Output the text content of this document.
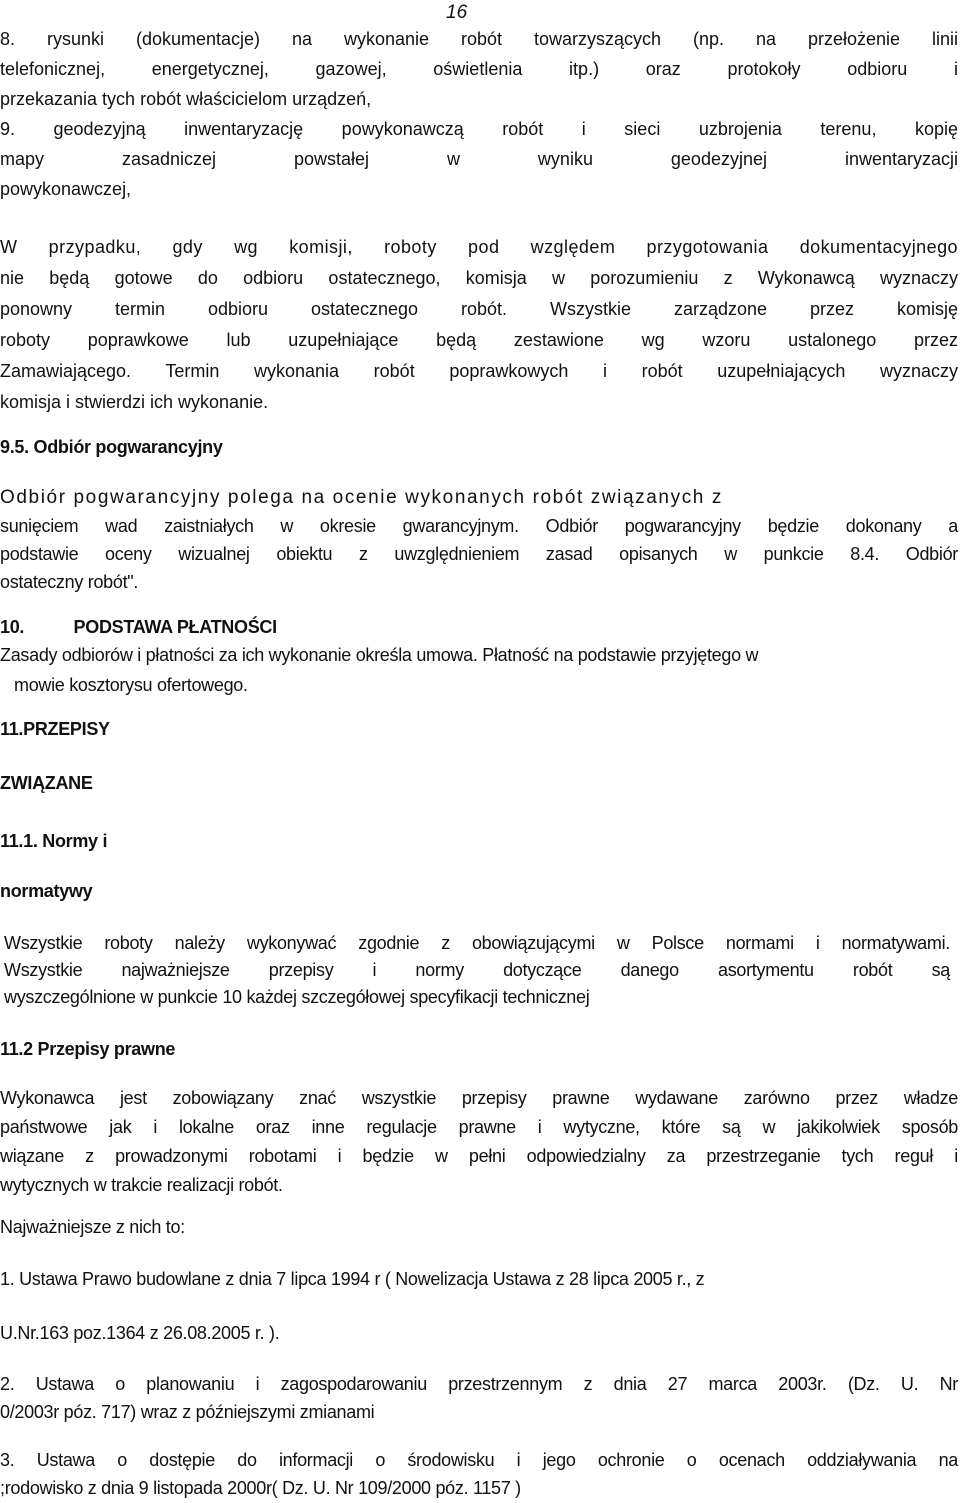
16

8. rysunki (dokumentacje) na wykonanie robót towarzyszących (np. na przełożenie linii

telefonicznej, energetycznej, gazowej, oświetlenia itp.) oraz protokoły odbioru i

przekazania tych robót właścicielom urządzeń,

9. geodezyjną inwentaryzację powykonawczą robót i sieci uzbrojenia terenu, kopię

mapy zasadniczej powstałej w wyniku geodezyjnej inwentaryzacji

powykonawczej,

W przypadku, gdy wg komisji, roboty pod względem przygotowania dokumentacyjnego

nie będą gotowe do odbioru ostatecznego, komisja w porozumieniu z Wykonawcą wyznaczy

ponowny termin odbioru ostatecznego robót. Wszystkie zarządzone przez komisję

roboty poprawkowe lub uzupełniające będą zestawione wg wzoru ustalonego przez

Zamawiającego. Termin wykonania robót poprawkowych i robót uzupełniających wyznaczy

komisja i stwierdzi ich wykonanie.

9.5. Odbiór pogwarancyjny

Odbiór pogwarancyjny polega na ocenie wykonanych robót związanych z

sunięciem wad zaistniałych w okresie gwarancyjnym. Odbiór pogwarancyjny będzie dokonany a

podstawie oceny wizualnej obiektu z uwzględnieniem zasad opisanych w punkcie 8.4. Odbiór

ostateczny robót".

10.	PODSTAWA PŁATNOŚCI

Zasady odbiorów i płatności za ich wykonanie określa umowa. Płatność na podstawie przyjętego w

mowie kosztorysu ofertowego.

11.PRZEPISY
ZWIĄZANE
11.1. Normy i
normatywy

Wszystkie roboty należy wykonywać zgodnie z obowiązującymi w Polsce normami i normatywami.

Wszystkie najważniejsze przepisy i normy dotyczące danego asortymentu robót są

wyszczególnione w punkcie 10 każdej szczegółowej specyfikacji technicznej

11.2 Przepisy prawne

Wykonawca jest zobowiązany znać wszystkie przepisy prawne wydawane zarówno przez władze

państwowe jak i lokalne oraz inne regulacje prawne i wytyczne, które są w jakikolwiek sposób

wiązane z prowadzonymi robotami i będzie w pełni odpowiedzialny za przestrzeganie tych reguł i

wytycznych w trakcie realizacji robót.

Najważniejsze z nich to:
1. Ustawa Prawo budowlane z dnia 7 lipca 1994 r ( Nowelizacja Ustawa z 28 lipca 2005 r., z
U.Nr.163 poz.1364 z 26.08.2005 r. ).

2. Ustawa o planowaniu i zagospodarowaniu przestrzennym z dnia 27 marca 2003r. (Dz. U. Nr

0/2003r póz. 717) wraz z późniejszymi zmianami

3. Ustawa o dostępie do informacji o środowisku i jego ochronie o ocenach oddziaływania na

;rodowisko z dnia 9 listopada 2000r( Dz. U. Nr 109/2000 póz. 1157 )
